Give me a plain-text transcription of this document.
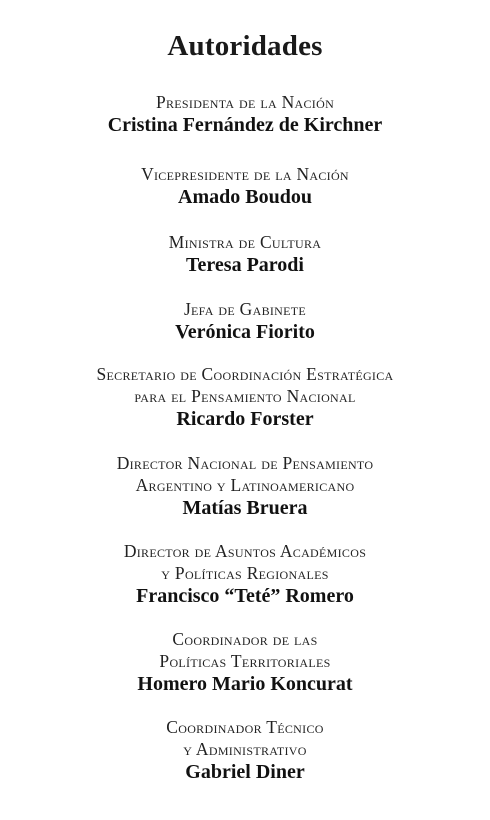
Autoridades
Presidenta de la Nación
Cristina Fernández de Kirchner
Vicepresidente de la Nación
Amado Boudou
Ministra de Cultura
Teresa Parodi
Jefa de Gabinete
Verónica Fiorito
Secretario de Coordinación Estratégica
para el Pensamiento Nacional
Ricardo Forster
Director Nacional de Pensamiento
Argentino y Latinoamericano
Matías Bruera
Director de Asuntos Académicos
y Políticas Regionales
Francisco “Teté” Romero
Coordinador de las
Políticas Territoriales
Homero Mario Koncurat
Coordinador Técnico
y Administrativo
Gabriel Diner
